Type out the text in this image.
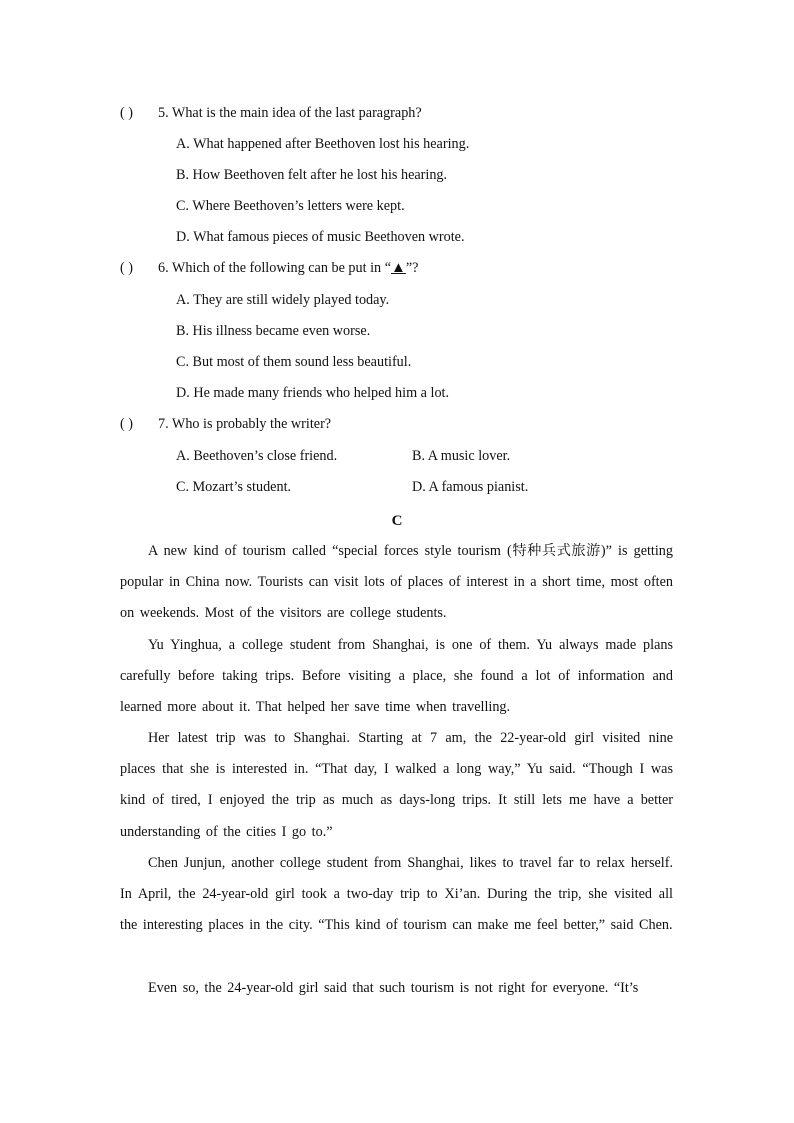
( ) 5. What is the main idea of the last paragraph?
A. What happened after Beethoven lost his hearing.
B. How Beethoven felt after he lost his hearing.
C. Where Beethoven’s letters were kept.
D. What famous pieces of music Beethoven wrote.
( ) 6. Which of the following can be put in “▲”?
A. They are still widely played today.
B. His illness became even worse.
C. But most of them sound less beautiful.
D. He made many friends who helped him a lot.
( ) 7. Who is probably the writer?
A. Beethoven’s close friend.	B. A music lover.
C. Mozart’s student.	D. A famous pianist.
C
A new kind of tourism called “special forces style tourism (特种兵式旅游)” is getting popular in China now. Tourists can visit lots of places of interest in a short time, most often on weekends. Most of the visitors are college students.
Yu Yinghua, a college student from Shanghai, is one of them. Yu always made plans carefully before taking trips. Before visiting a place, she found a lot of information and learned more about it. That helped her save time when travelling.
Her latest trip was to Shanghai. Starting at 7 am, the 22-year-old girl visited nine places that she is interested in. “That day, I walked a long way,” Yu said. “Though I was kind of tired, I enjoyed the trip as much as days-long trips. It still lets me have a better understanding of the cities I go to.”
Chen Junjun, another college student from Shanghai, likes to travel far to relax herself. In April, the 24-year-old girl took a two-day trip to Xi’an. During the trip, she visited all the interesting places in the city. “This kind of tourism can make me feel better,” said Chen.
Even so, the 24-year-old girl said that such tourism is not right for everyone. “It’s
